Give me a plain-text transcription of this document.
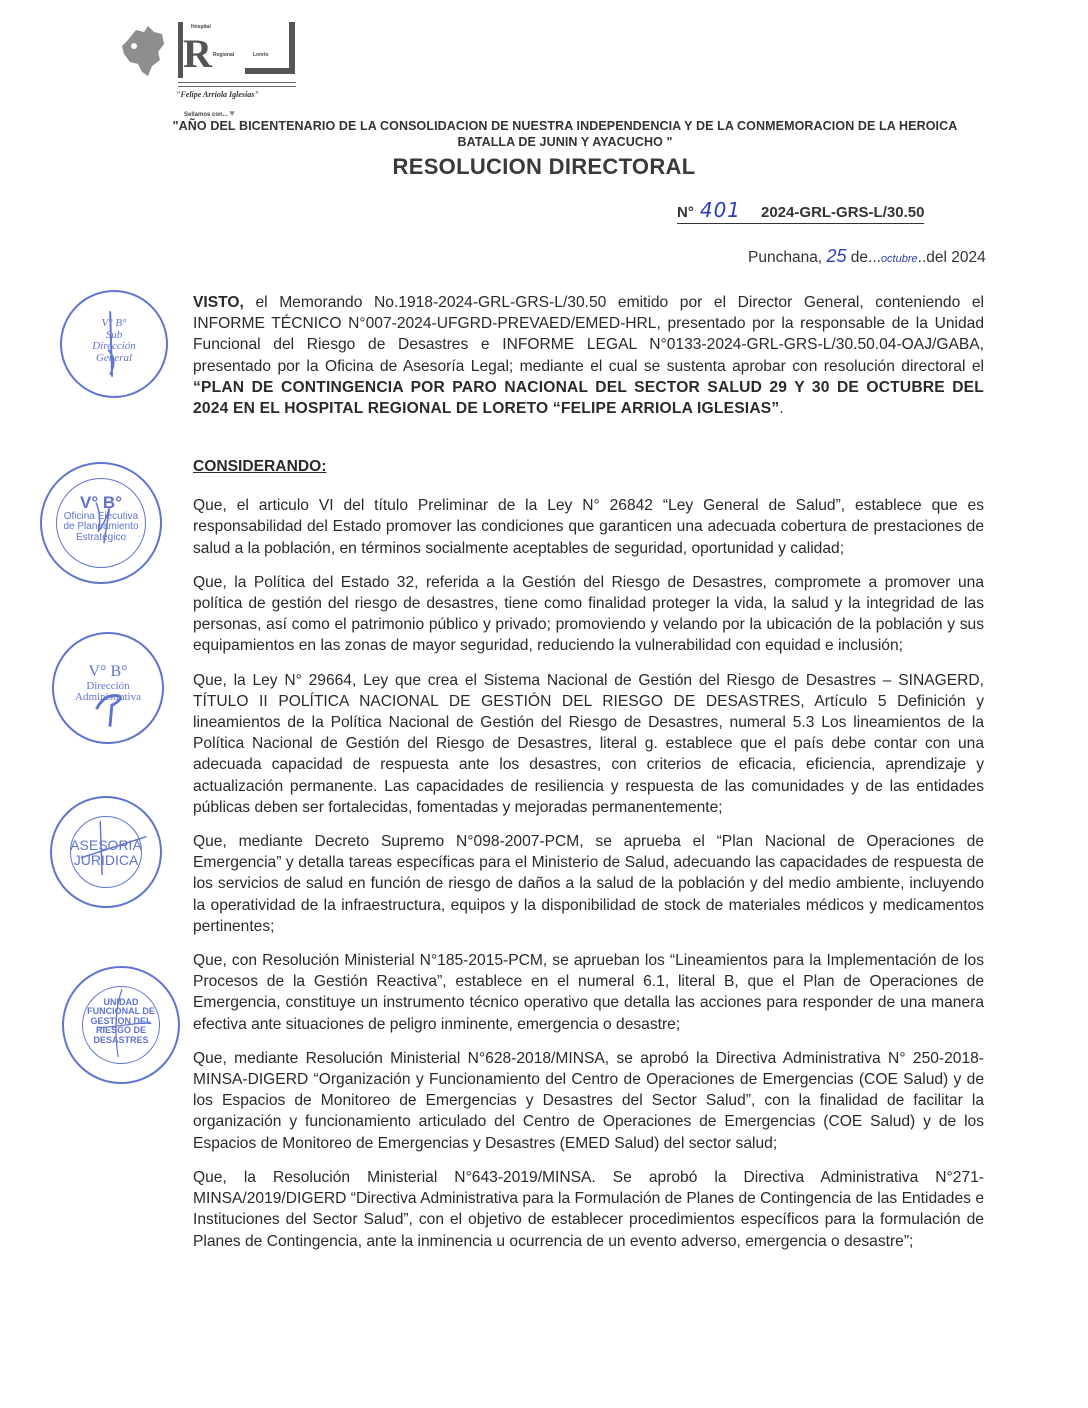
Hospital
R Regional	Loreto
"Felipe Arriola Iglesias"
Sellamos con... ♥
"AÑO DEL BICENTENARIO DE LA CONSOLIDACION DE NUESTRA INDEPENDENCIA Y DE LA CONMEMORACION DE LA HEROICA
BATALLA DE JUNIN Y AYACUCHO "
RESOLUCION DIRECTORAL
N° 401 2024-GRL-GRS-L/30.50
Punchana, 25 de...octubre..del 2024

VISTO, el Memorando No.1918-2024-GRL-GRS-L/30.50 emitido por el Director General, conteniendo el INFORME TÉCNICO N°007-2024-UFGRD-PREVAED/EMED-HRL, presentado por la responsable de la Unidad Funcional del Riesgo de Desastres e INFORME LEGAL N°0133-2024-GRL-GRS-L/30.50.04-OAJ/GABA, presentado por la Oficina de Asesoría Legal; mediante el cual se sustenta aprobar con resolución directoral el “PLAN DE CONTINGENCIA POR PARO NACIONAL DEL SECTOR SALUD 29 Y 30 DE OCTUBRE DEL 2024 EN EL HOSPITAL REGIONAL DE LORETO “FELIPE ARRIOLA IGLESIAS”.

CONSIDERANDO:

Que, el articulo VI del título Preliminar de la Ley N° 26842 “Ley General de Salud”, establece que es responsabilidad del Estado promover las condiciones que garanticen una adecuada cobertura de prestaciones de salud a la población, en términos socialmente aceptables de seguridad, oportunidad y calidad;

Que, la Política del Estado 32, referida a la Gestión del Riesgo de Desastres, compromete a promover una política de gestión del riesgo de desastres, tiene como finalidad proteger la vida, la salud y la integridad de las personas, así como el patrimonio público y privado; promoviendo y velando por la ubicación de la población y sus equipamientos en las zonas de mayor seguridad, reduciendo la vulnerabilidad con equidad e inclusión;

Que, la Ley N° 29664, Ley que crea el Sistema Nacional de Gestión del Riesgo de Desastres – SINAGERD, TÍTULO II POLÍTICA NACIONAL DE GESTIÓN DEL RIESGO DE DESASTRES, Artículo 5 Definición y lineamientos de la Política Nacional de Gestión del Riesgo de Desastres, numeral 5.3 Los lineamientos de la Política Nacional de Gestión del Riesgo de Desastres, literal g. establece que el país debe contar con una adecuada capacidad de respuesta ante los desastres, con criterios de eficacia, eficiencia, aprendizaje y actualización permanente. Las capacidades de resiliencia y respuesta de las comunidades y de las entidades públicas deben ser fortalecidas, fomentadas y mejoradas permanentemente;

Que, mediante Decreto Supremo N°098-2007-PCM, se aprueba el “Plan Nacional de Operaciones de Emergencia” y detalla tareas específicas para el Ministerio de Salud, adecuando las capacidades de respuesta de los servicios de salud en función de riesgo de daños a la salud de la población y del medio ambiente, incluyendo la operatividad de la infraestructura, equipos y la disponibilidad de stock de materiales médicos y medicamentos pertinentes;

Que, con Resolución Ministerial N°185-2015-PCM, se aprueban los “Lineamientos para la Implementación de los Procesos de la Gestión Reactiva”, establece en el numeral 6.1, literal B, que el Plan de Operaciones de Emergencia, constituye un instrumento técnico operativo que detalla las acciones para responder de una manera efectiva ante situaciones de peligro inminente, emergencia o desastre;

Que, mediante Resolución Ministerial N°628-2018/MINSA, se aprobó la Directiva Administrativa N° 250-2018-MINSA-DIGERD “Organización y Funcionamiento del Centro de Operaciones de Emergencias (COE Salud) y de los Espacios de Monitoreo de Emergencias y Desastres del Sector Salud”, con la finalidad de facilitar la organización y funcionamiento articulado del Centro de Operaciones de Emergencias (COE Salud) y de los Espacios de Monitoreo de Emergencias y Desastres (EMED Salud) del sector salud;

Que, la Resolución Ministerial N°643-2019/MINSA. Se aprobó la Directiva Administrativa N°271-MINSA/2019/DIGERD “Directiva Administrativa para la Formulación de Planes de Contingencia de las Entidades e Instituciones del Sector Salud”, con el objetivo de establecer procedimientos específicos para la formulación de Planes de Contingencia, ante la inminencia u ocurrencia de un evento adverso, emergencia o desastre”;

V° B°
Sub
Dirección
General
V° B°
Oficina Ejecutiva
de Planeamiento
Estratégico
V° B°
Dirección
Administrativa
ASESORIA
JURIDICA
UNIDAD
FUNCIONAL DE
GESTION DEL
RIESGO DE
DESASTRES
